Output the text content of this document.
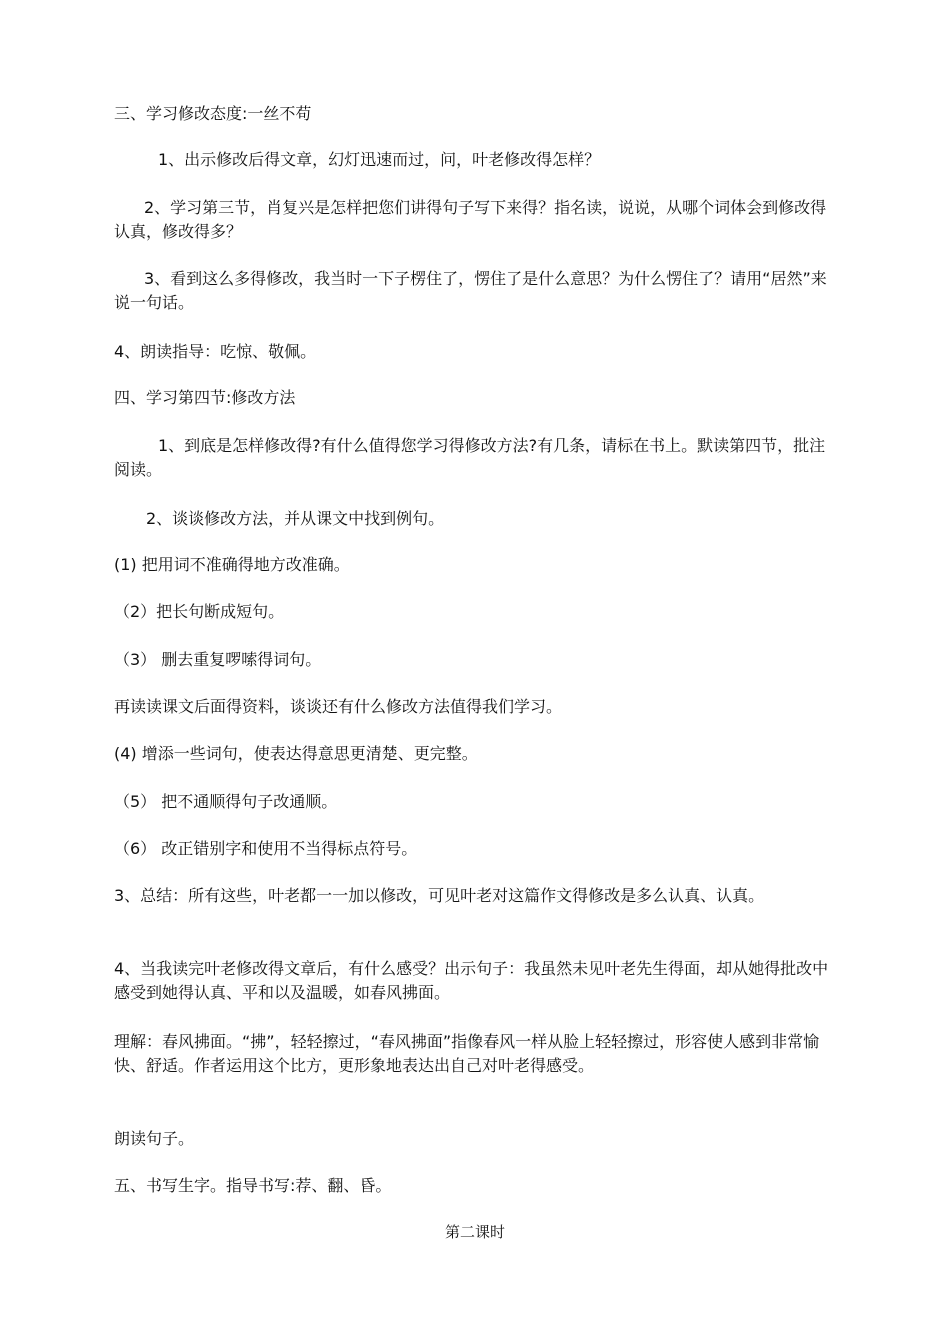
三、学习修改态度:一丝不苟
1、出示修改后得文章，幻灯迅速而过，问，叶老修改得怎样？
2、学习第三节，肖复兴是怎样把您们讲得句子写下来得？指名读，说说，从哪个词体会到修改得认真，修改得多？
3、看到这么多得修改，我当时一下子楞住了，愣住了是什么意思？为什么愣住了？请用“居然”来说一句话。
4、朗读指导：吃惊、敬佩。
四、学习第四节:修改方法
1、到底是怎样修改得?有什么值得您学习得修改方法?有几条，请标在书上。默读第四节，批注阅读。
2、谈谈修改方法，并从课文中找到例句。
(1) 把用词不准确得地方改准确。
（2）把长句断成短句。
（3） 删去重复啰嗦得词句。
再读读课文后面得资料，谈谈还有什么修改方法值得我们学习。
(4) 增添一些词句，使表达得意思更清楚、更完整。
（5） 把不通顺得句子改通顺。
（6） 改正错别字和使用不当得标点符号。
3、总结：所有这些，叶老都一一加以修改，可见叶老对这篇作文得修改是多么认真、认真。
4、当我读完叶老修改得文章后，有什么感受？出示句子：我虽然未见叶老先生得面，却从她得批改中感受到她得认真、平和以及温暖，如春风拂面。
理解：春风拂面。“拂”，轻轻擦过，“春风拂面”指像春风一样从脸上轻轻擦过，形容使人感到非常愉快、舒适。作者运用这个比方，更形象地表达出自己对叶老得感受。
朗读句子。
五、书写生字。指导书写:荐、翻、昏。
第二课时
